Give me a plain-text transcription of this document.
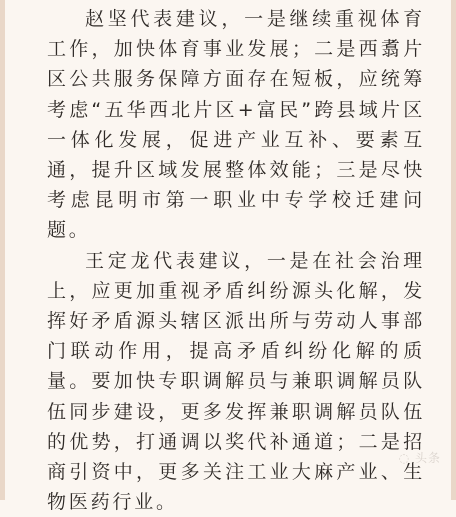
赵坚代表建议，一是继续重视体育工作，加快体育事业发展；二是西翥片区公共服务保障方面存在短板，应统筹考虑“五华西北片区+富民”跨县域片区一体化发展，促进产业互补、要素互通，提升区域发展整体效能；三是尽快考虑昆明市第一职业中专学校迁建问题。

王定龙代表建议，一是在社会治理上，应更加重视矛盾纠纷源头化解，发挥好矛盾源头辖区派出所与劳动人事部门联动作用，提高矛盾纠纷化解的质量。要加快专职调解员与兼职调解员队伍同步建设，更多发挥兼职调解员队伍的优势，打通调以奖代补通道；二是招商引资中，更多关注工业大麻产业、生物医药行业。

◌ 头条
